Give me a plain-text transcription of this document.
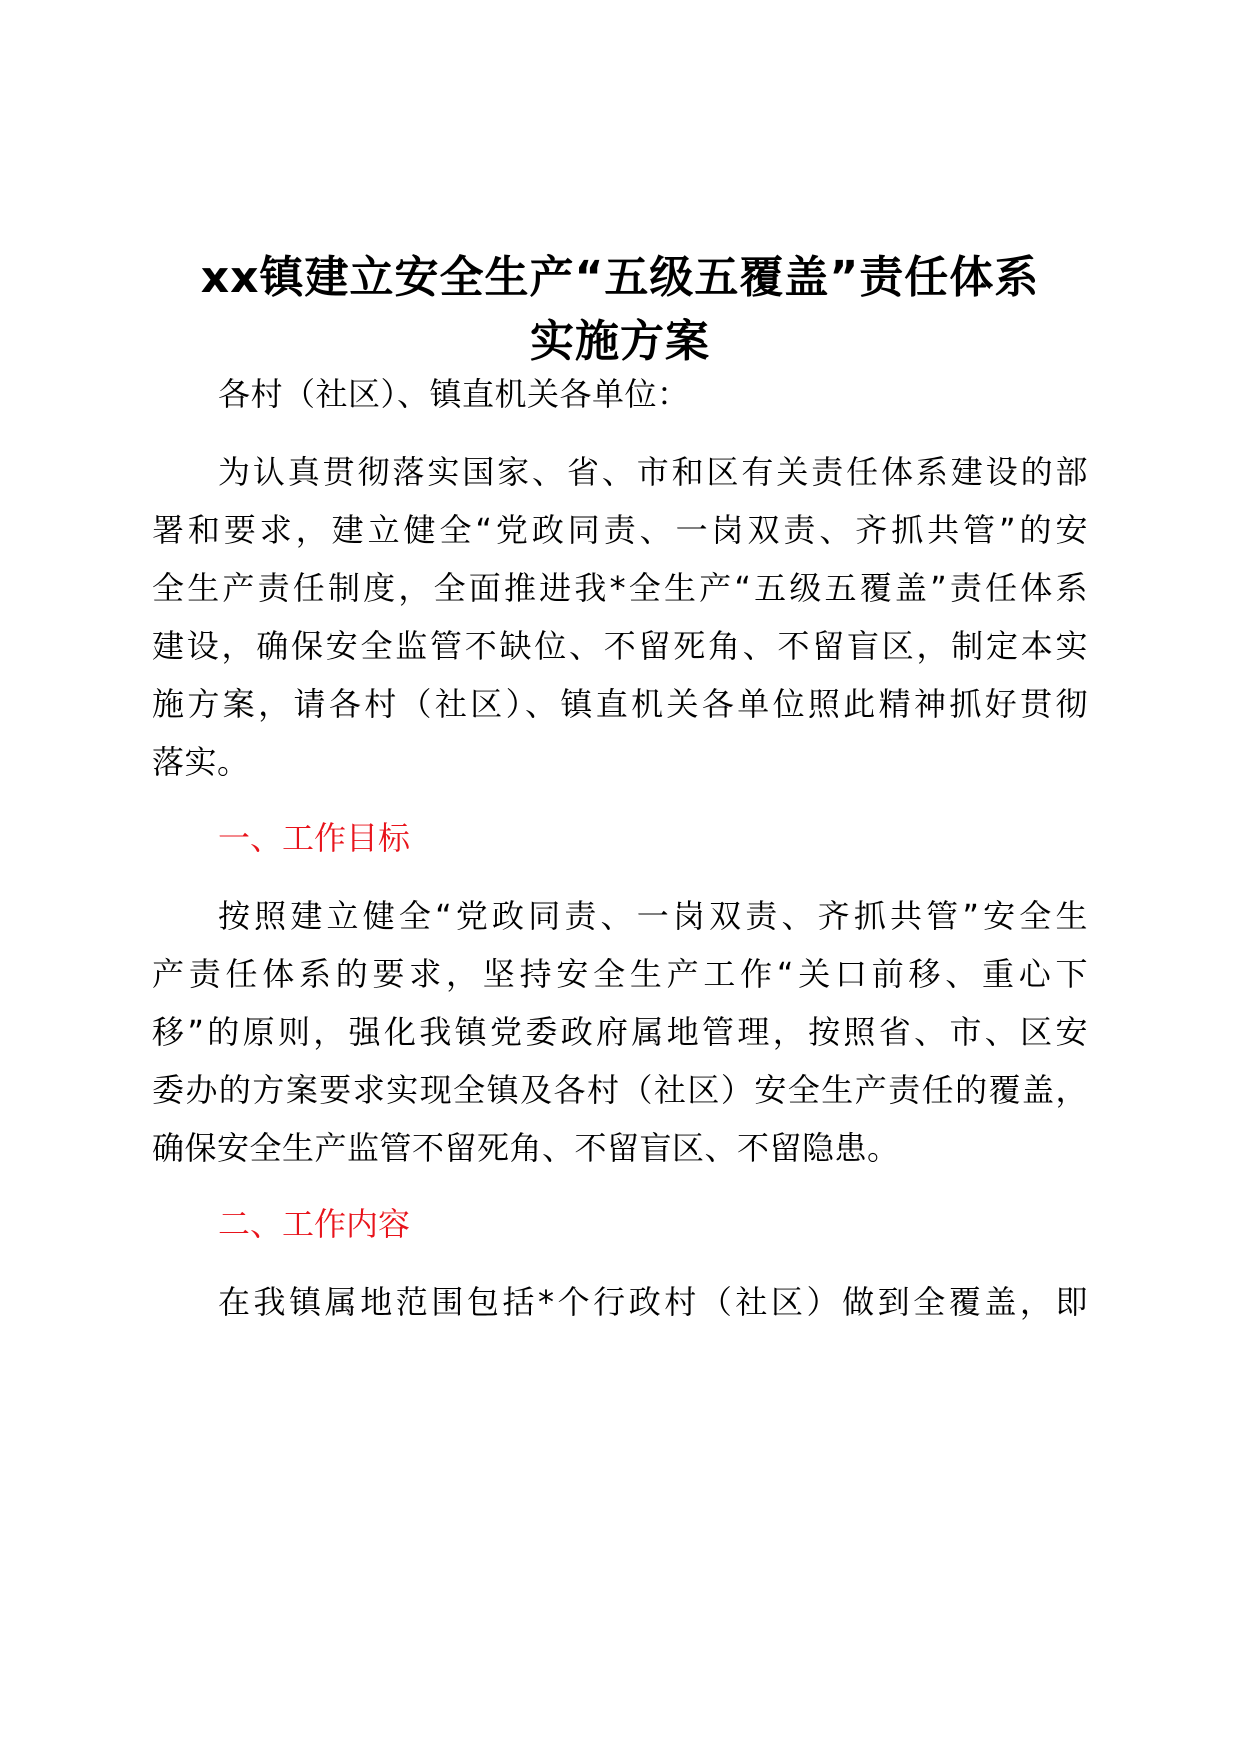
xx镇建立安全生产“五级五覆盖”责任体系
实施方案
各村（社区）、镇直机关各单位：
为认真贯彻落实国家、省、市和区有关责任体系建设的部
署和要求，建立健全“党政同责、一岗双责、齐抓共管”的安
全生产责任制度，全面推进我*全生产“五级五覆盖”责任体系
建设，确保安全监管不缺位、不留死角、不留盲区，制定本实
施方案，请各村（社区）、镇直机关各单位照此精神抓好贯彻
落实。
一、工作目标
按照建立健全“党政同责、一岗双责、齐抓共管”安全生
产责任体系的要求，坚持安全生产工作“关口前移、重心下
移”的原则，强化我镇党委政府属地管理，按照省、市、区安
委办的方案要求实现全镇及各村（社区）安全生产责任的覆盖，
确保安全生产监管不留死角、不留盲区、不留隐患。
二、工作内容
在我镇属地范围包括*个行政村（社区）做到全覆盖，即
